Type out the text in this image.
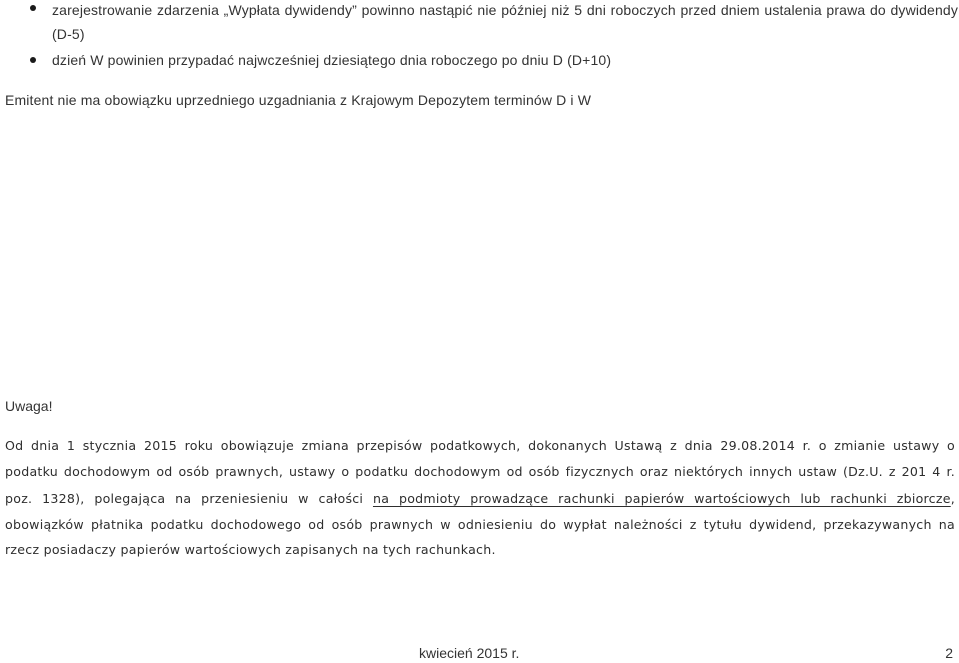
zarejestrowanie zdarzenia „Wypłata dywidendy” powinno nastąpić nie później niż 5 dni roboczych przed dniem ustalenia prawa do dywidendy (D-5)
dzień W powinien przypadać najwcześniej dziesiątego dnia roboczego po dniu D (D+10)
Emitent nie ma obowiązku uprzedniego uzgadniania z Krajowym Depozytem terminów D i W
Uwaga!
Od dnia 1 stycznia 2015 roku obowiązuje zmiana przepisów podatkowych, dokonanych Ustawą z dnia 29.08.2014 r. o zmianie ustawy o
podatku dochodowym od osób prawnych, ustawy o podatku dochodowym od osób fizycznych oraz niektórych innych ustaw (Dz.U. z 201 4 r.
poz. 1328), polegająca na przeniesieniu w całości na podmioty prowadzące rachunki papierów wartościowych lub rachunki zbiorcze,
obowiązków płatnika podatku dochodowego od osób prawnych w odniesieniu do wypłat należności z tytułu dywidend, przekazywanych na
rzecz posiadaczy papierów wartościowych zapisanych na tych rachunkach.
kwiecień 2015 r.	2
